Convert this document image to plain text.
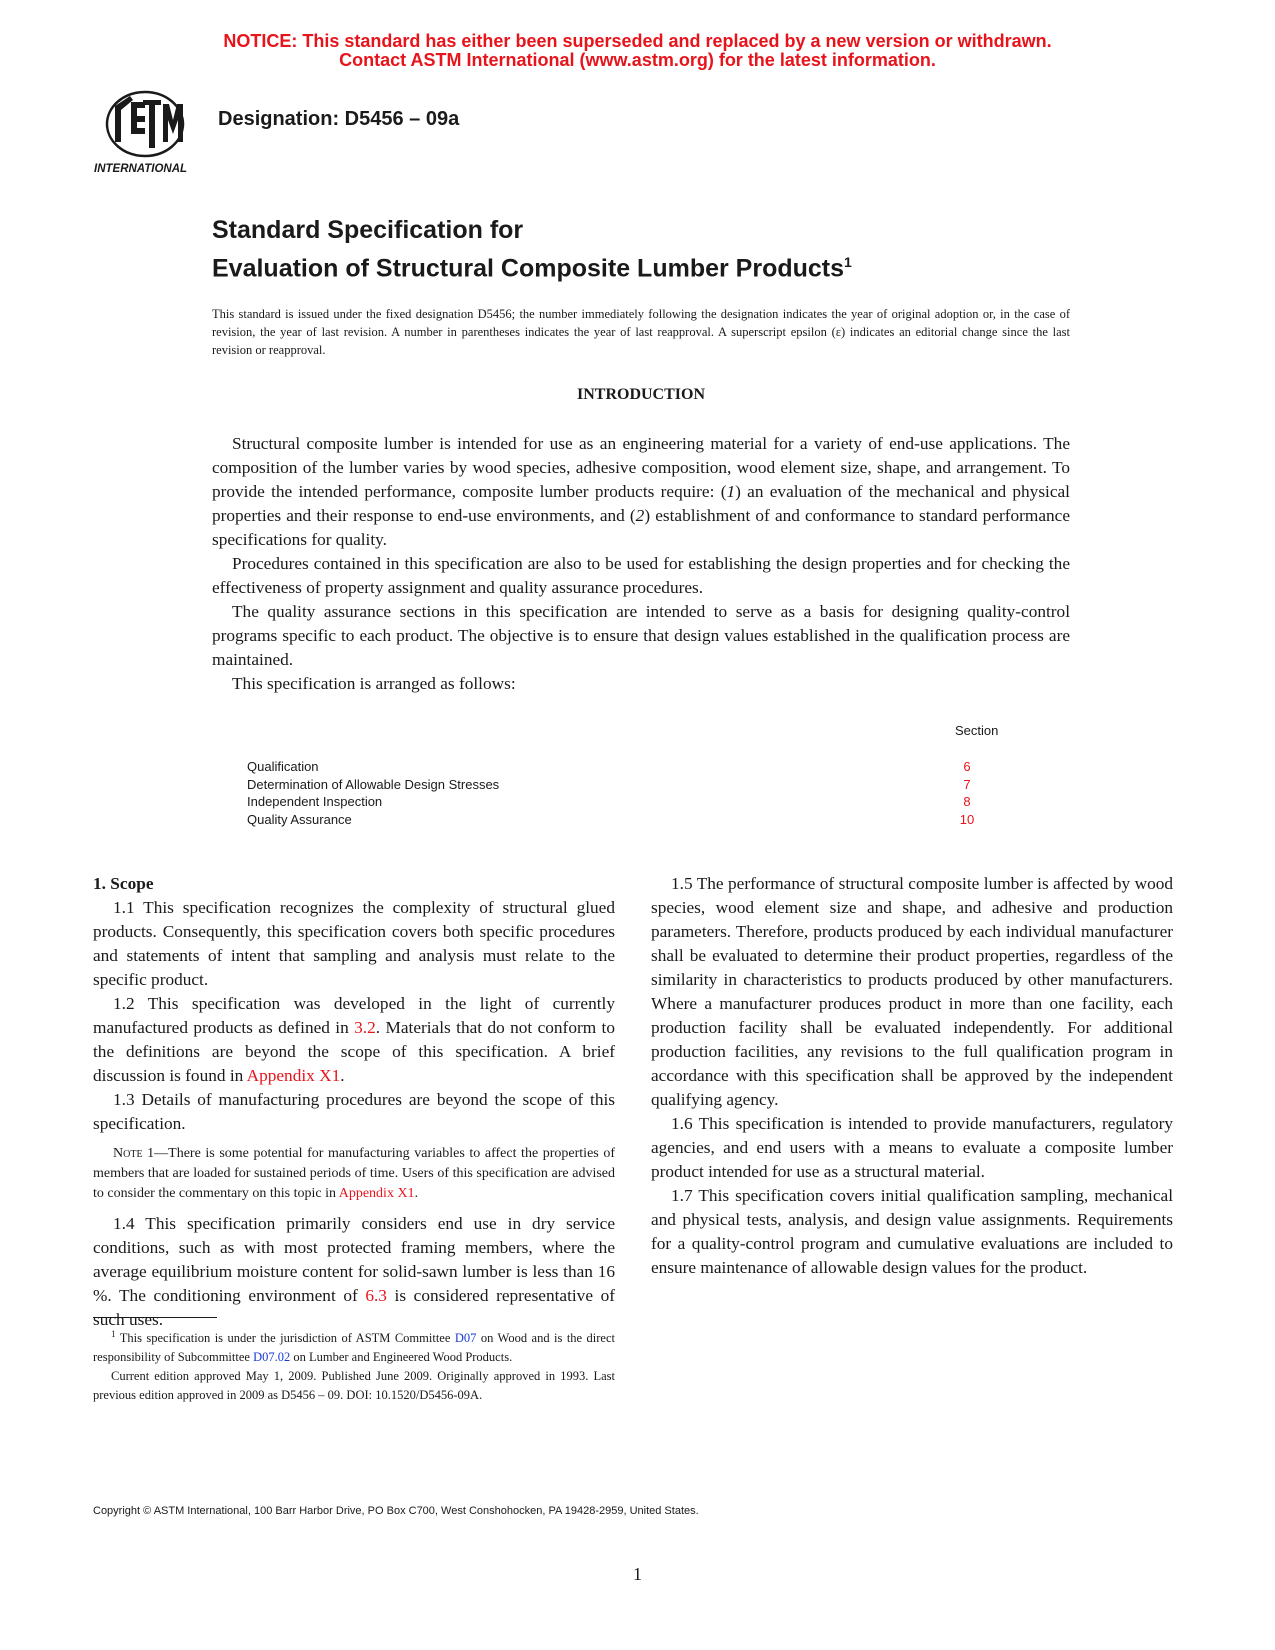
NOTICE: This standard has either been superseded and replaced by a new version or withdrawn.
Contact ASTM International (www.astm.org) for the latest information.
INTERNATIONAL
Designation: D5456 – 09a
Standard Specification for
Evaluation of Structural Composite Lumber Products$^1$
This standard is issued under the fixed designation D5456; the number immediately following the designation indicates the year of original adoption or, in the case of revision, the year of last revision. A number in parentheses indicates the year of last reapproval. A superscript epsilon (ε) indicates an editorial change since the last revision or reapproval.
INTRODUCTION

Structural composite lumber is intended for use as an engineering material for a variety of end-use applications. The composition of the lumber varies by wood species, adhesive composition, wood element size, shape, and arrangement. To provide the intended performance, composite lumber products require: (1) an evaluation of the mechanical and physical properties and their response to end-use environments, and (2) establishment of and conformance to standard performance specifications for quality.

Procedures contained in this specification are also to be used for establishing the design properties and for checking the effectiveness of property assignment and quality assurance procedures.

The quality assurance sections in this specification are intended to serve as a basis for designing quality-control programs specific to each product. The objective is to ensure that design values established in the qualification process are maintained.

This specification is arranged as follows:

Section
Qualification	6
Determination of Allowable Design Stresses	7
Independent Inspection	8
Quality Assurance	10

1. Scope

1.1 This specification recognizes the complexity of structural glued products. Consequently, this specification covers both specific procedures and statements of intent that sampling and analysis must relate to the specific product.

1.2 This specification was developed in the light of currently manufactured products as defined in 3.2. Materials that do not conform to the definitions are beyond the scope of this specification. A brief discussion is found in Appendix X1.

1.3 Details of manufacturing procedures are beyond the scope of this specification.

Note 1—There is some potential for manufacturing variables to affect the properties of members that are loaded for sustained periods of time. Users of this specification are advised to consider the commentary on this topic in Appendix X1.

1.4 This specification primarily considers end use in dry service conditions, such as with most protected framing members, where the average equilibrium moisture content for solid-sawn lumber is less than 16 %. The conditioning environment of 6.3 is considered representative of such uses.

1.5 The performance of structural composite lumber is affected by wood species, wood element size and shape, and adhesive and production parameters. Therefore, products produced by each individual manufacturer shall be evaluated to determine their product properties, regardless of the similarity in characteristics to products produced by other manufacturers. Where a manufacturer produces product in more than one facility, each production facility shall be evaluated independently. For additional production facilities, any revisions to the full qualification program in accordance with this specification shall be approved by the independent qualifying agency.

1.6 This specification is intended to provide manufacturers, regulatory agencies, and end users with a means to evaluate a composite lumber product intended for use as a structural material.

1.7 This specification covers initial qualification sampling, mechanical and physical tests, analysis, and design value assignments. Requirements for a quality-control program and cumulative evaluations are included to ensure maintenance of allowable design values for the product.

$^1$ This specification is under the jurisdiction of ASTM Committee D07 on Wood and is the direct responsibility of Subcommittee D07.02 on Lumber and Engineered Wood Products.

Current edition approved May 1, 2009. Published June 2009. Originally approved in 1993. Last previous edition approved in 2009 as D5456 – 09. DOI: 10.1520/D5456-09A.

Copyright © ASTM International, 100 Barr Harbor Drive, PO Box C700, West Conshohocken, PA 19428-2959, United States.
1
